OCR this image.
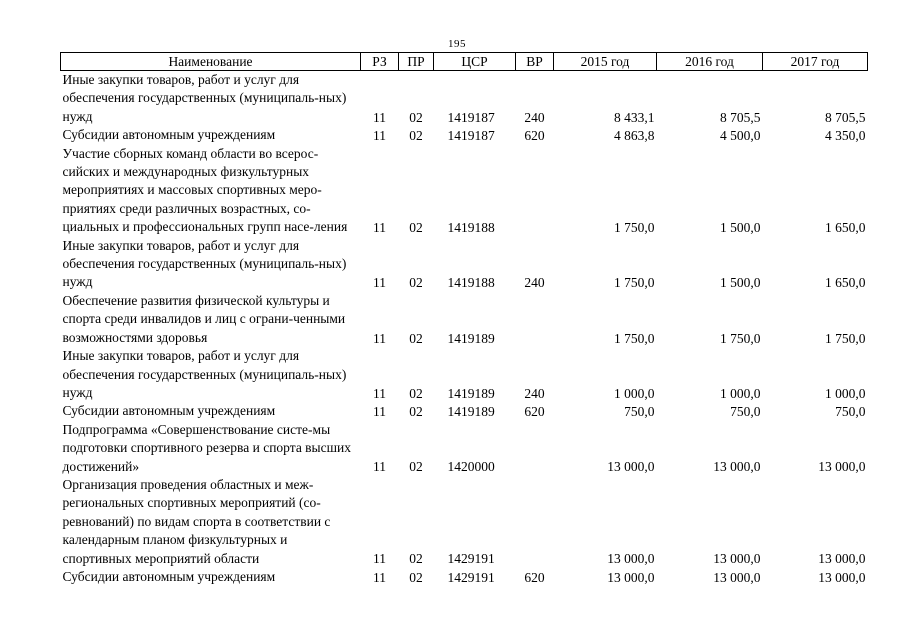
195
Наименование	РЗ	ПР	ЦСР	ВР	2015 год	2016 год	2017 год
Иные закупки товаров, работ и услуг для обеспечения государственных (муниципаль-ных) нужд	11	02	1419187	240	8 433,1	8 705,5	8 705,5
Субсидии автономным учреждениям	11	02	1419187	620	4 863,8	4 500,0	4 350,0
Участие сборных команд области во всерос-сийских и международных физкультурных мероприятиях и массовых спортивных меро-приятиях среди различных возрастных, со-циальных и профессиональных групп насе-ления	11	02	1419188		1 750,0	1 500,0	1 650,0
Иные закупки товаров, работ и услуг для обеспечения государственных (муниципаль-ных) нужд	11	02	1419188	240	1 750,0	1 500,0	1 650,0
Обеспечение развития физической культуры и спорта среди инвалидов и лиц с ограни-ченными возможностями здоровья	11	02	1419189		1 750,0	1 750,0	1 750,0
Иные закупки товаров, работ и услуг для обеспечения государственных (муниципаль-ных) нужд	11	02	1419189	240	1 000,0	1 000,0	1 000,0
Субсидии автономным учреждениям	11	02	1419189	620	750,0	750,0	750,0
Подпрограмма «Совершенствование систе-мы подготовки спортивного резерва и спорта высших достижений»	11	02	1420000		13 000,0	13 000,0	13 000,0
Организация проведения областных и меж-региональных спортивных мероприятий (со-ревнований) по видам спорта в соответствии с календарным планом физкультурных и спортивных мероприятий области	11	02	1429191		13 000,0	13 000,0	13 000,0
Субсидии автономным учреждениям	11	02	1429191	620	13 000,0	13 000,0	13 000,0
